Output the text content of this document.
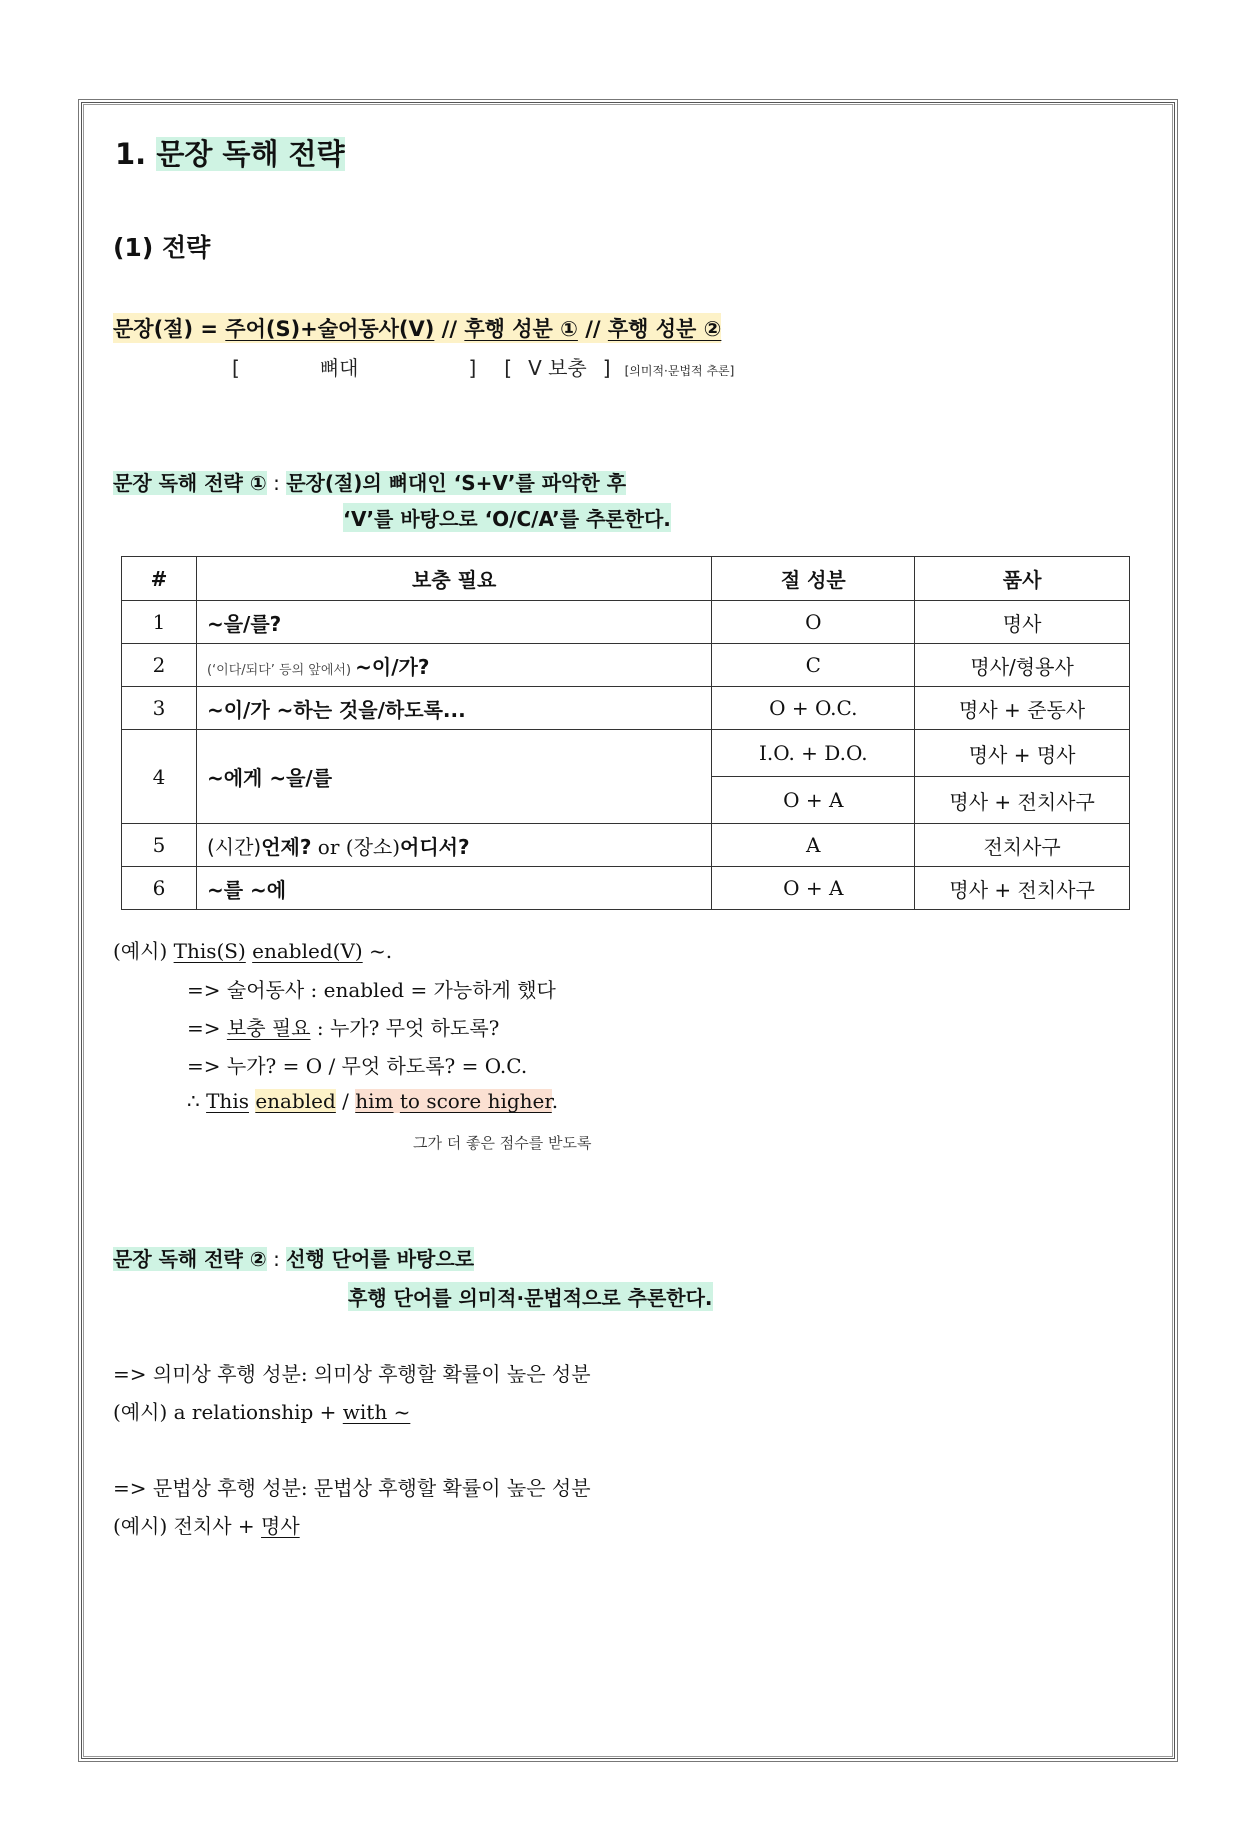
1. 문장 독해 전략
(1) 전략
문장(절) = 주어(S)+술어동사(V) // 후행 성분 ① // 후행 성분 ②
[	뼈대	] [ V 보충 ] [의미적·문법적 추론]
문장 독해 전략 ① : 문장(절)의 뼈대인 ‘S+V’를 파악한 후
‘V’를 바탕으로 ‘O/C/A’를 추론한다.
#	보충 필요	절 성분	품사
1	~을/를?	O	명사
2	(‘이다/되다’ 등의 앞에서) ~이/가?	C	명사/형용사
3	~이/가 ~하는 것을/하도록...	O + O.C.	명사 + 준동사
4	~에게 ~을/를	I.O. + D.O.	명사 + 명사
		O + A	명사 + 전치사구
5	(시간)언제? or (장소)어디서?	A	전치사구
6	~를 ~에	O + A	명사 + 전치사구
(예시) This(S) enabled(V) ~.
=> 술어동사 : enabled = 가능하게 했다
=> 보충 필요 : 누가? 무엇 하도록?
=> 누가? = O / 무엇 하도록? = O.C.
∴ This enabled / him to score higher.
그가 더 좋은 점수를 받도록
문장 독해 전략 ② : 선행 단어를 바탕으로
후행 단어를 의미적·문법적으로 추론한다.
=> 의미상 후행 성분: 의미상 후행할 확률이 높은 성분
(예시) a relationship + with ~
=> 문법상 후행 성분: 문법상 후행할 확률이 높은 성분
(예시) 전치사 + 명사
